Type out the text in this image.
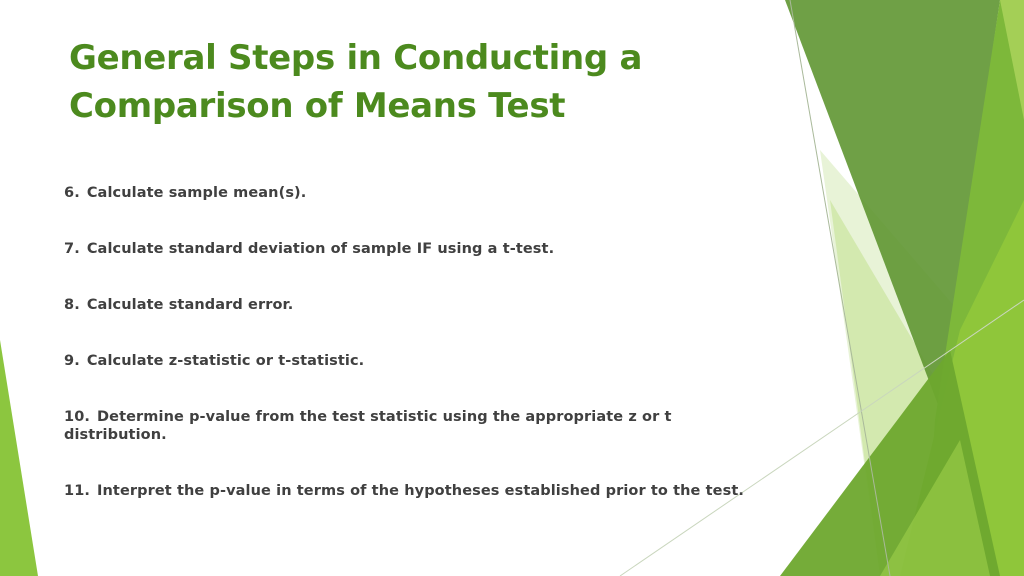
General Steps in Conducting a
Comparison of Means Test
6. Calculate sample mean(s).
7. Calculate standard deviation of sample IF using a t-test.
8. Calculate standard error.
9. Calculate z-statistic or t-statistic.
10. Determine p-value from the test statistic using the appropriate z or t distribution.
11. Interpret the p-value in terms of the hypotheses established prior to the test.
